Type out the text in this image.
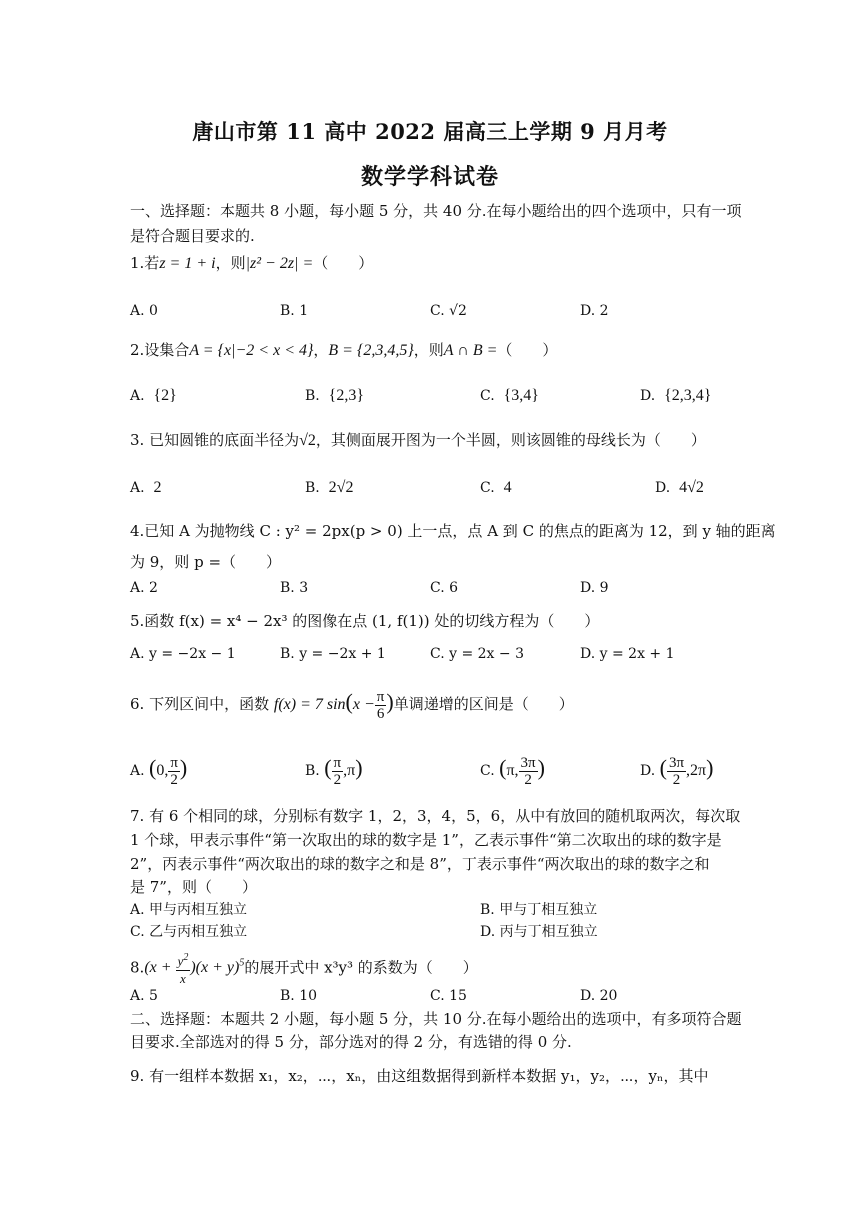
唐山市第 11 高中 2022 届高三上学期 9 月月考
数学学科试卷
一、选择题：本题共 8 小题，每小题 5 分，共 40 分.在每小题给出的四个选项中，只有一项
是符合题目要求的.
1.若z = 1 + i，则|z² − 2z| =（　　）
A. 0	B. 1	C. √2	D. 2
2.设集合A = {x|−2 < x < 4}，B = {2,3,4,5}，则A ∩ B =（　　）
A. {2}	B. {2,3}	C. {3,4}	D. {2,3,4}
3. 已知圆锥的底面半径为√2，其侧面展开图为一个半圆，则该圆锥的母线长为（　　）
A. 2	B. 2√2	C. 4	D. 4√2
4.已知 A 为抛物线 C : y² = 2px(p > 0) 上一点，点 A 到 C 的焦点的距离为 12，到 y 轴的距离
为 9，则 p =（　　）
A. 2	B. 3	C. 6	D. 9
5.函数 f(x) = x⁴ − 2x³ 的图像在点 (1, f(1)) 处的切线方程为（　　）
A. y = −2x − 1	B. y = −2x + 1	C. y = 2x − 3	D. y = 2x + 1
6. 下列区间中，函数 f(x) = 7 $\sin(x - \frac{\pi}{6}$ )单调递增的区间是（　　）
A. (0, $\frac{\pi}{2}$ )	B. ( $\frac{\pi}{2} ,\pi$)	C. (π, $\frac{3\pi}{2}$ )	D. ( $\frac{3\pi}{2} ,2\pi$)
7. 有 6 个相同的球，分别标有数字 1，2，3，4，5，6，从中有放回的随机取两次，每次取
1 个球，甲表示事件“第一次取出的球的数字是 1”，乙表示事件“第二次取出的球的数字是
2”，丙表示事件“两次取出的球的数字之和是 8”，丁表示事件“两次取出的球的数字之和
是 7”，则（　　）
A. 甲与丙相互独立	B. 甲与丁相互独立
C. 乙与丙相互独立	D. 丙与丁相互独立
$8.(x + \frac{y^2}{x} )(x + y)^5$的展开式中 x³y³ 的系数为（　　）
A. 5	B. 10	C. 15	D. 20
二、选择题：本题共 2 小题，每小题 5 分，共 10 分.在每小题给出的选项中，有多项符合题
目要求.全部选对的得 5 分，部分选对的得 2 分，有选错的得 0 分.
9. 有一组样本数据 x₁，x₂，⋯，xₙ，由这组数据得到新样本数据 y₁，y₂，⋯，yₙ，其中
